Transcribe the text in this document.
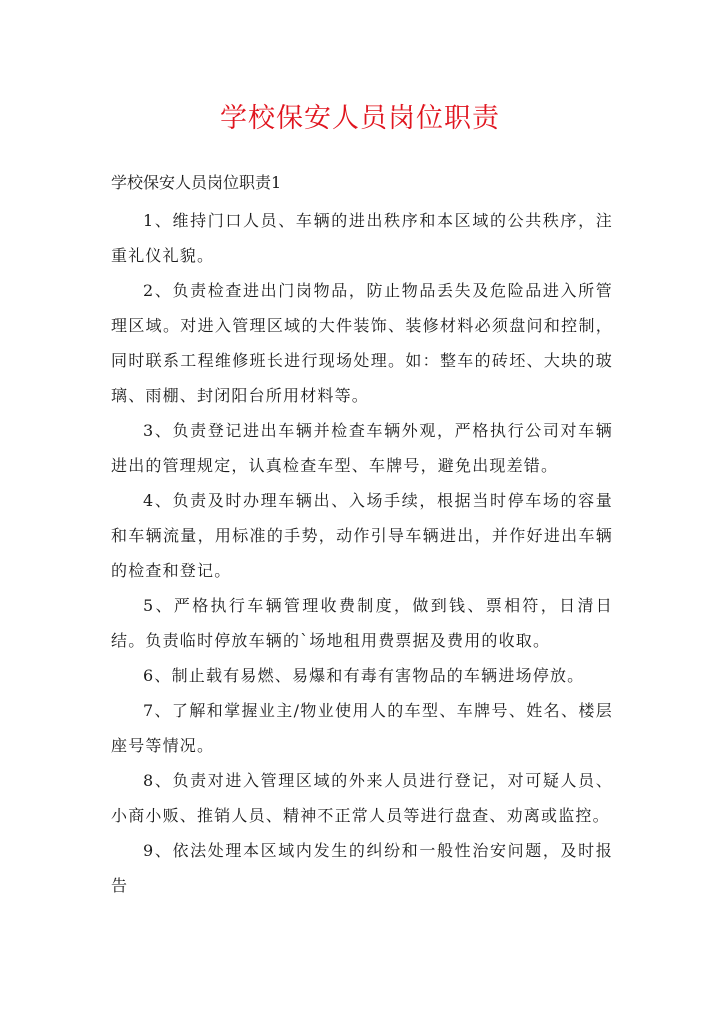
学校保安人员岗位职责

学校保安人员岗位职责1

1、维持门口人员、车辆的进出秩序和本区域的公共秩序，注重礼仪礼貌。

2、负责检查进出门岗物品，防止物品丢失及危险品进入所管理区域。对进入管理区域的大件装饰、装修材料必须盘问和控制，同时联系工程维修班长进行现场处理。如：整车的砖坯、大块的玻璃、雨棚、封闭阳台所用材料等。

3、负责登记进出车辆并检查车辆外观，严格执行公司对车辆进出的管理规定，认真检查车型、车牌号，避免出现差错。

4、负责及时办理车辆出、入场手续，根据当时停车场的容量和车辆流量，用标准的手势，动作引导车辆进出，并作好进出车辆的检查和登记。

5、严格执行车辆管理收费制度，做到钱、票相符，日清日结。负责临时停放车辆的`场地租用费票据及费用的收取。

6、制止载有易燃、易爆和有毒有害物品的车辆进场停放。

7、了解和掌握业主/物业使用人的车型、车牌号、姓名、楼层座号等情况。

8、负责对进入管理区域的外来人员进行登记，对可疑人员、小商小贩、推销人员、精神不正常人员等进行盘查、劝离或监控。

9、依法处理本区域内发生的纠纷和一般性治安问题，及时报告
